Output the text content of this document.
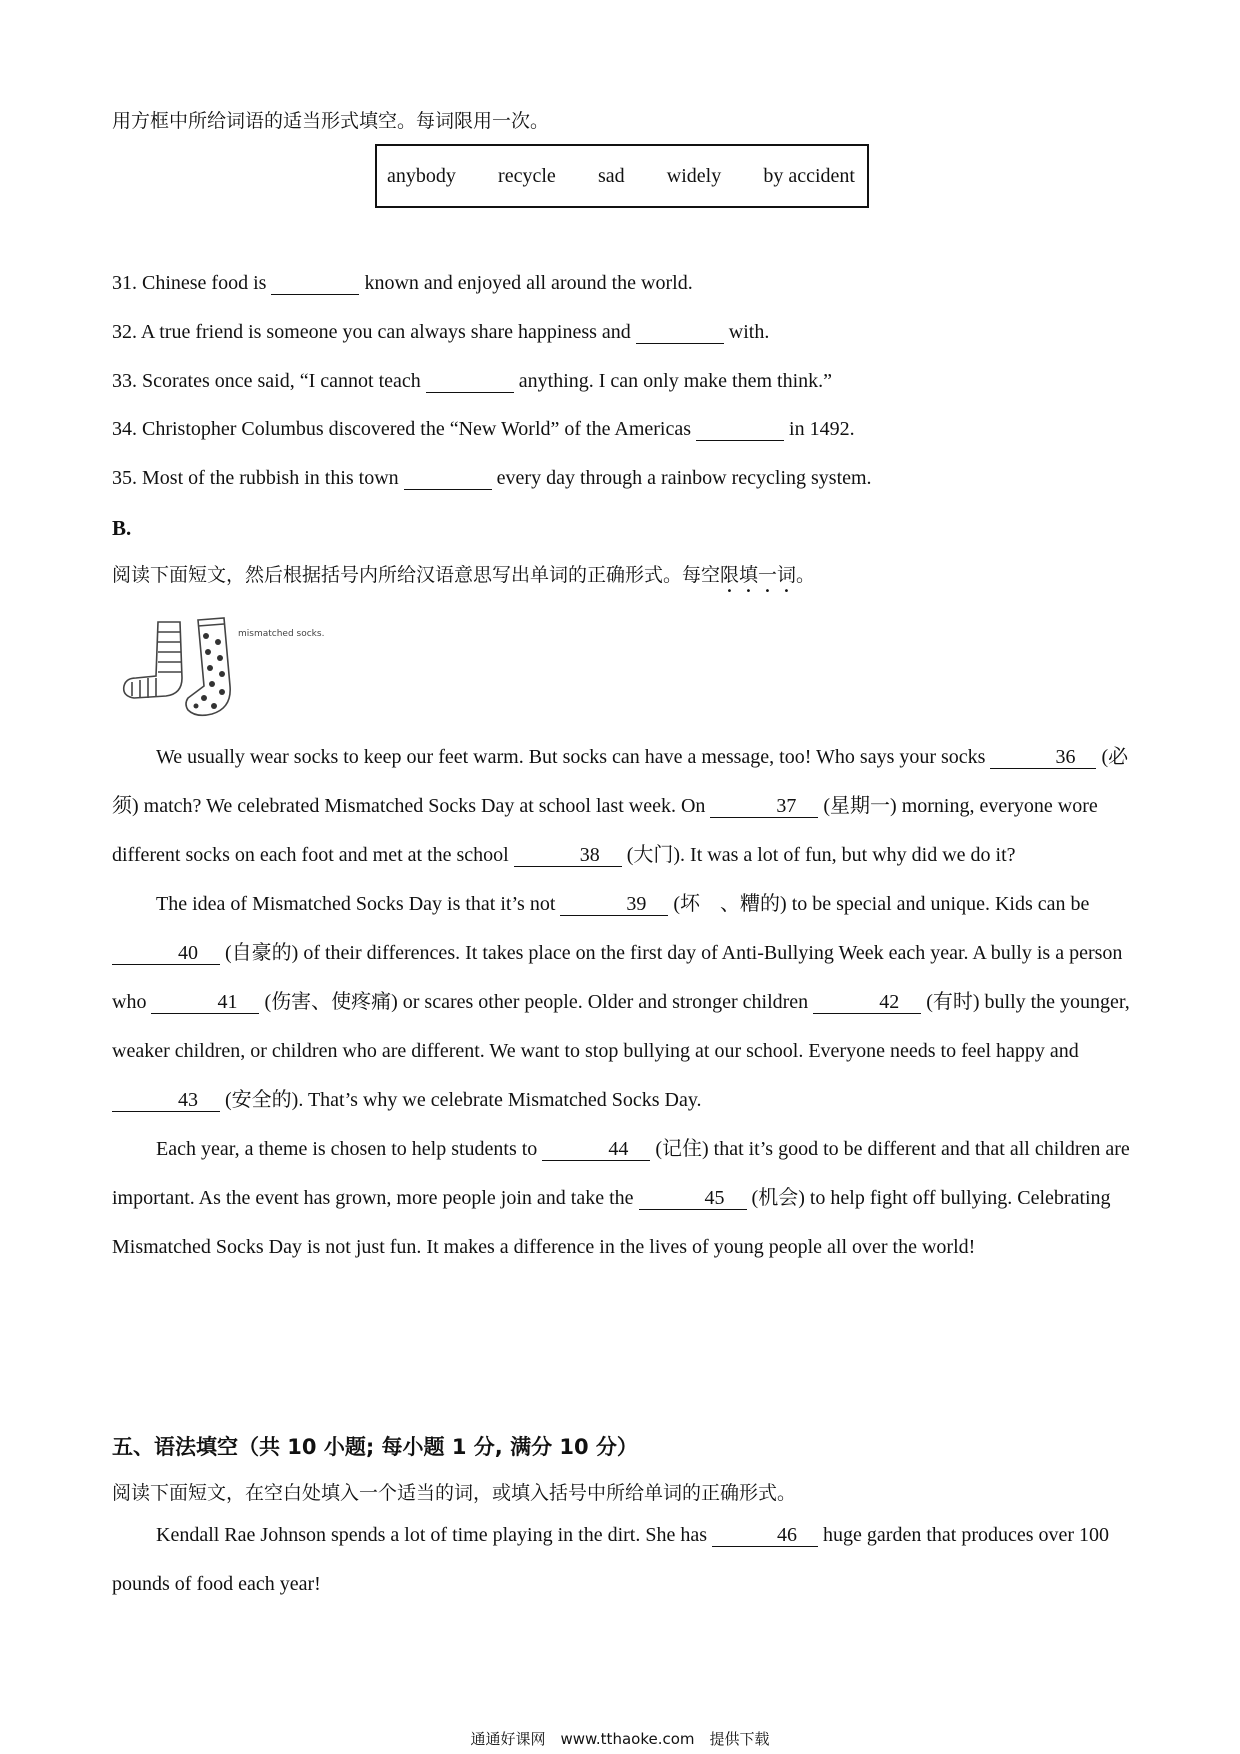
用方框中所给词语的适当形式填空。每词限用一次。
anybody recycle sad widely by accident
31. Chinese food is	known and enjoyed all around the world.
32. A true friend is someone you can always share happiness and	with.
33. Scorates once said, “I cannot teach	anything. I can only make them think.”
34. Christopher Columbus discovered the “New World” of the Americas	in 1492.
35. Most of the rubbish in this town	every day through a rainbow recycling system.
B.
阅读下面短文，然后根据括号内所给汉语意思写出单词的正确形式。每空限填一词。
mismatched socks.

We usually wear socks to keep our feet warm. But socks can have a message, too! Who says your socks	36 (必须) match? We celebrated Mismatched Socks Day at school last week. On	37 (星期一) morning, everyone wore different socks on each foot and met at the school	38 (大门). It was a lot of fun, but why did we do it?

The idea of Mismatched Socks Day is that it’s not	39 (坏　、糟的) to be special and unique. Kids can be 40 (自豪的) of their differences. It takes place on the first day of Anti-Bullying Week each year. A bully is a person who	41 (伤害、使疼痛) or scares other people. Older and stronger children	42 (有时) bully the younger, weaker children, or children who are different. We want to stop bullying at our school. Everyone needs to feel happy and 43 (安全的). That’s why we celebrate Mismatched Socks Day.

Each year, a theme is chosen to help students to	44 (记住) that it’s good to be different and that all children are important. As the event has grown, more people join and take the	45 (机会) to help fight off bullying. Celebrating Mismatched Socks Day is not just fun. It makes a difference in the lives of young people all over the world!

五、语法填空（共 10 小题; 每小题 1 分, 满分 10 分）
阅读下面短文，在空白处填入一个适当的词，或填入括号中所给单词的正确形式。

Kendall Rae Johnson spends a lot of time playing in the dirt. She has	46 huge garden that produces over 100 pounds of food each year!

通通好课网　www.tthaoke.com　提供下载
